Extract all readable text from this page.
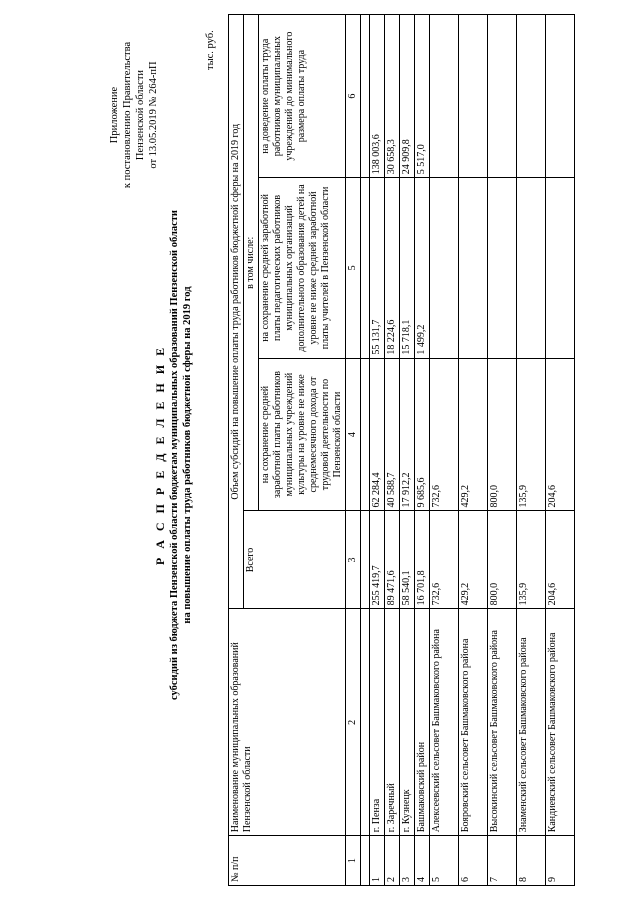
Приложение к постановлению Правительства Пензенской области от 13.05.2019 № 264-пП
Р А С П Р Е Д Е Л Е Н И Е субсидий из бюджета Пензенской области бюджетам муниципальных образований Пензенской области на повышение оплаты труда работников бюджетной сферы на 2019 год
тыс. руб.
№ п/п	Наименование муниципальных образований Пензенской области	Объем субсидий на повышение оплаты труда работников бюджетной сферы на 2019 год			
		Всего	в том числе:		
			на сохранение средней заработной платы работников муниципальных учреждений культуры на уровне не ниже среднемесячного дохода от трудовой деятельности по Пензенской области	на сохранение средней заработной платы педагогических работников муниципальных организаций дополнительного образования детей на уровне не ниже средней заработной платы учителей в Пензенской области	на доведение оплаты труда работников муниципальных учреждений до минимального размера оплаты труда
1	2	3	4	5	6

1	г. Пенза	255 419,7	62 284,4	55 131,7	138 003,6
2	г. Заречный	89 471,6	40 588,7	18 224,6	30 658,3
3	г. Кузнецк	58 540,1	17 912,2	15 718,1	24 909,8
4	Башмаковский район	16 701,8	9 685,6	1 499,2	5 517,0
5	Алексеевский сельсовет Башмаковского района	732,6	732,6		
6	Бояровский сельсовет Башмаковского района	429,2	429,2		
7	Высокинский сельсовет Башмаковского района	800,0	800,0		
8	Знаменский сельсовет Башмаковского района	135,9	135,9		
9	Кандиевский сельсовет Башмаковского района	204,6	204,6		
